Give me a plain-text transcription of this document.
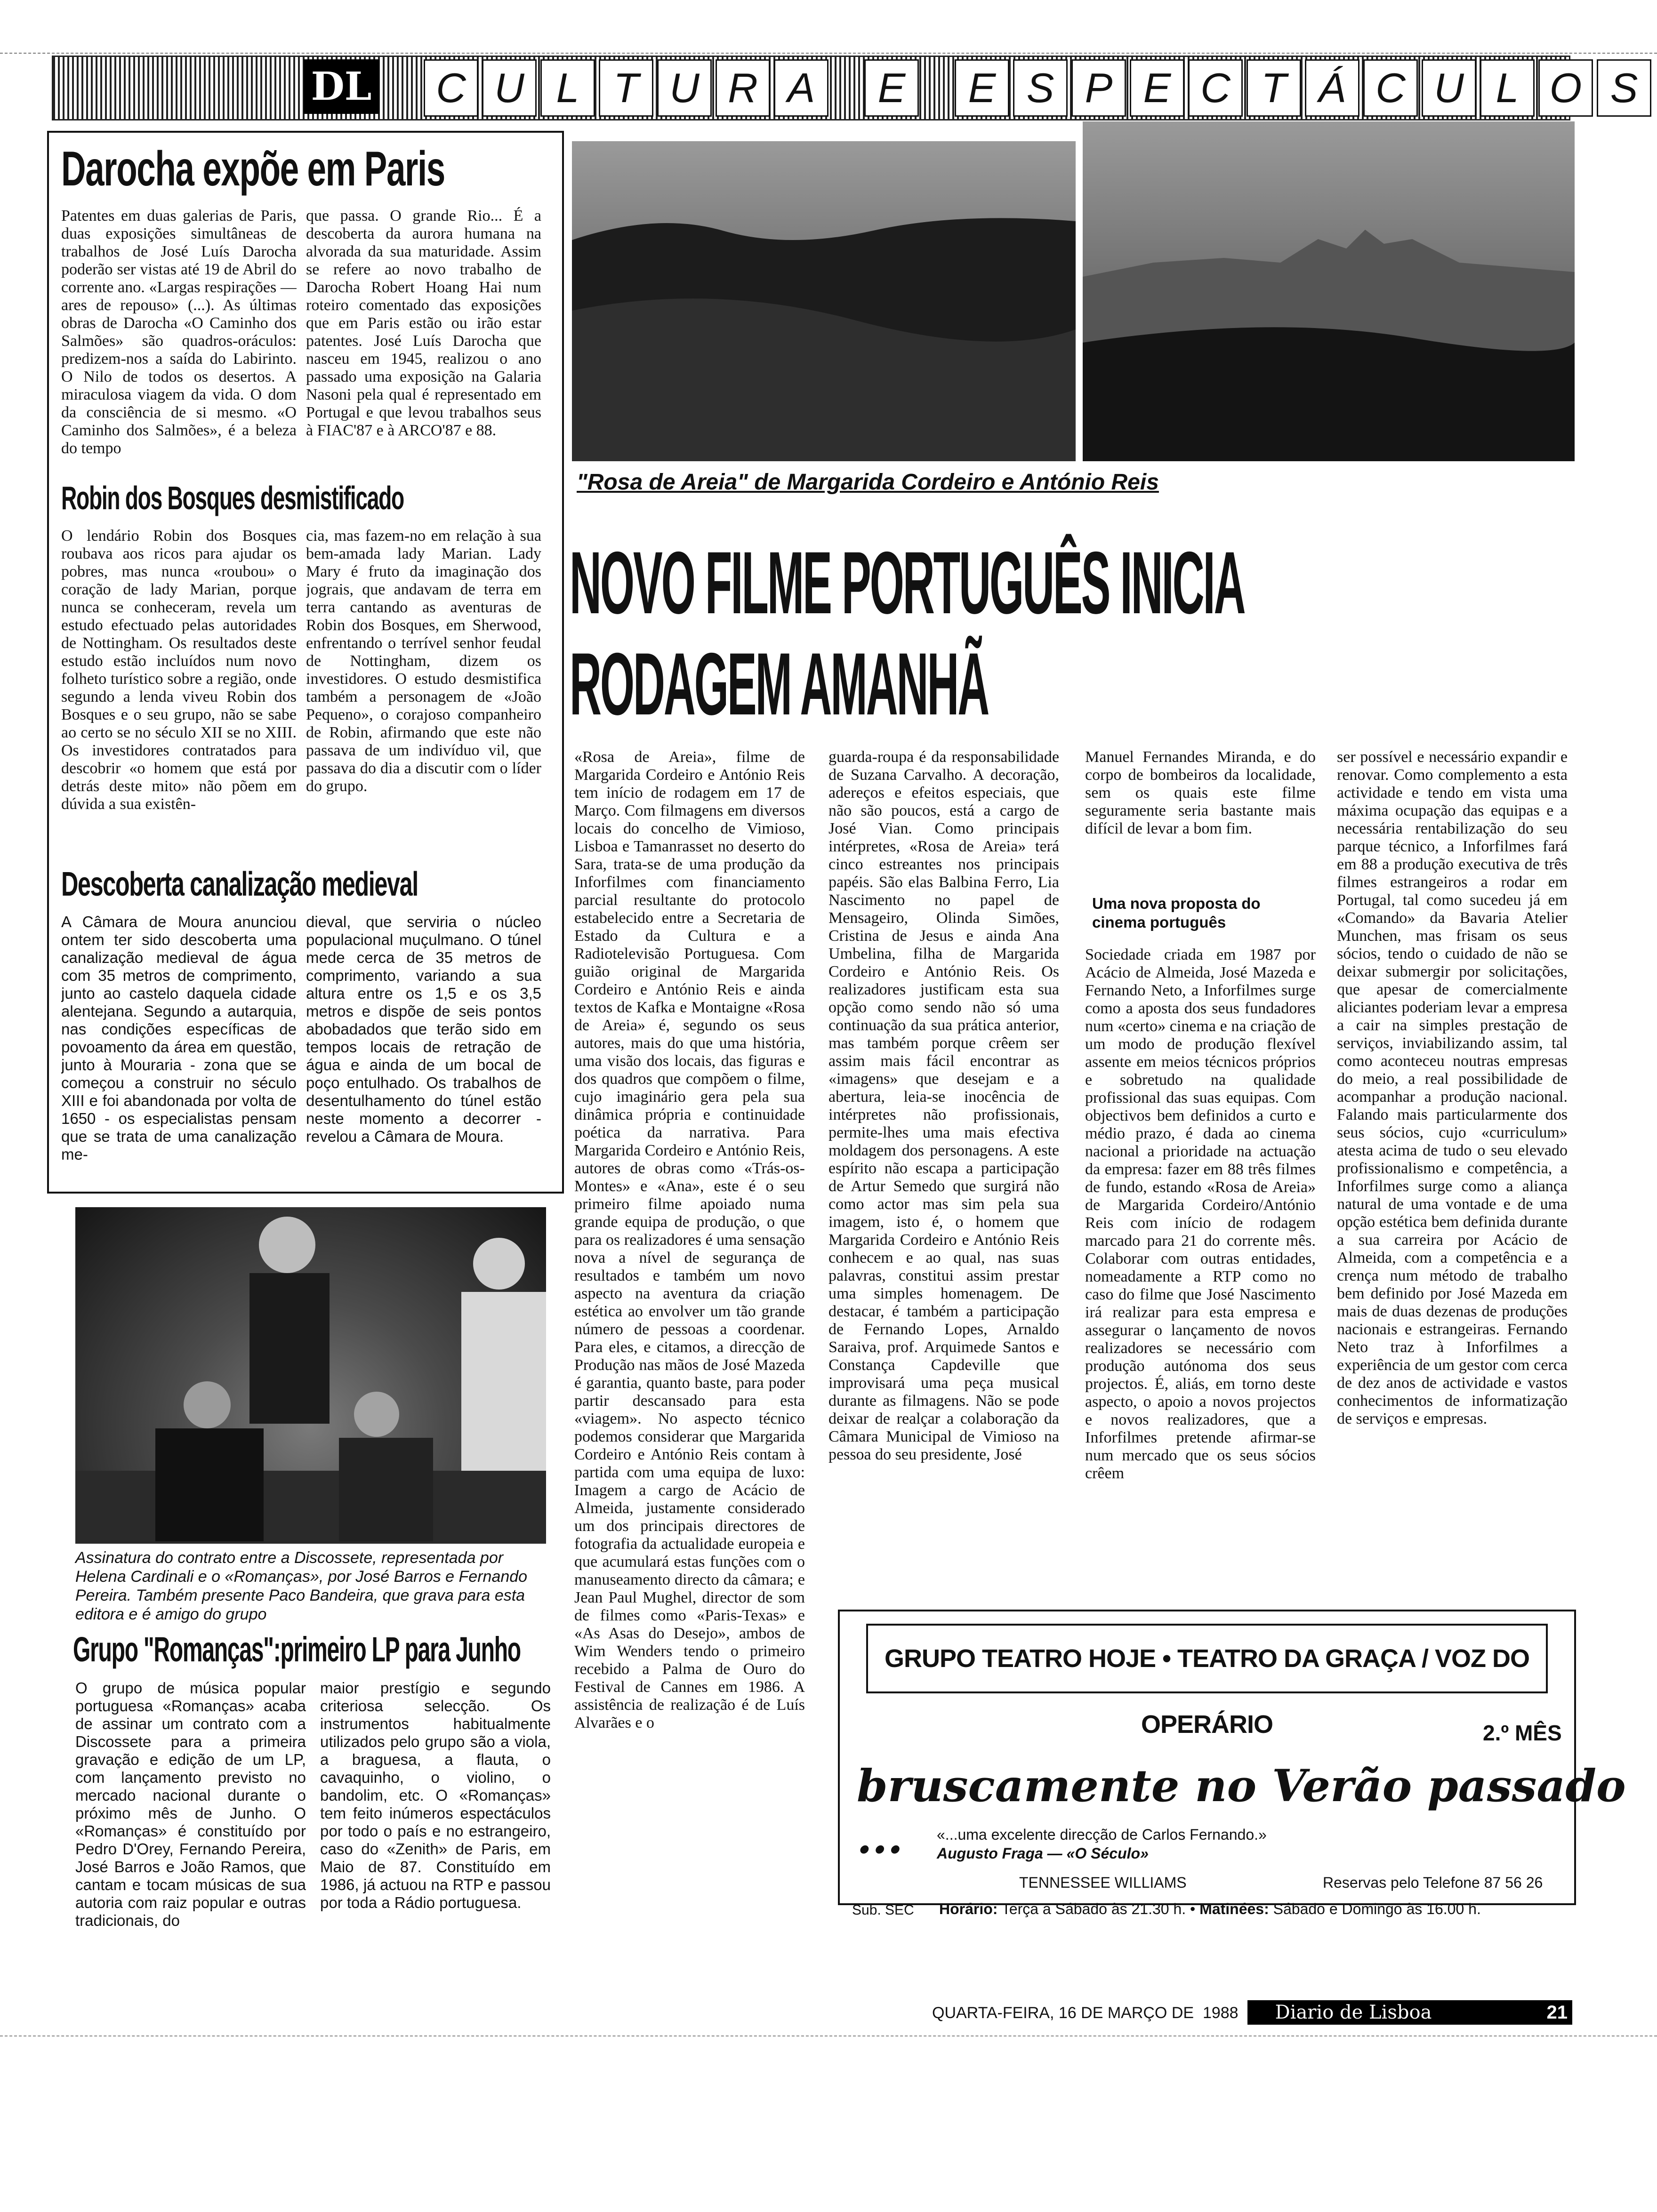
DL C U L T U R A	E	E S P E C T Á C U L O S
Darocha expõe em Paris
Patentes em duas galerias de Paris, duas exposições simultâneas de trabalhos de José Luís Darocha poderão ser vistas até 19 de Abril do corrente ano. «Largas respirações — ares de repouso» (...). As últimas obras de Darocha «O Caminho dos Salmões» são quadros-oráculos: predizem-nos a saída do Labirinto. O Nilo de todos os desertos. A miraculosa viagem da vida. O dom da consciência de si mesmo. «O Caminho dos Salmões», é a beleza do tempo
que passa. O grande Rio... É a descoberta da aurora humana na alvorada da sua maturidade. Assim se refere ao novo trabalho de Darocha Robert Hoang Hai num roteiro comentado das exposições que em Paris estão ou irão estar patentes. José Luís Darocha que nasceu em 1945, realizou o ano passado uma exposição na Galaria Nasoni pela qual é representado em Portugal e que levou trabalhos seus à FIAC'87 e à ARCO'87 e 88.
Robin dos Bosques desmistificado
O lendário Robin dos Bosques roubava aos ricos para ajudar os pobres, mas nunca «roubou» o coração de lady Marian, porque nunca se conheceram, revela um estudo efectuado pelas autoridades de Nottingham. Os resultados deste estudo estão incluídos num novo folheto turístico sobre a região, onde segundo a lenda viveu Robin dos Bosques e o seu grupo, não se sabe ao certo se no século XII se no XIII. Os investidores contratados para descobrir «o homem que está por detrás deste mito» não põem em dúvida a sua existên-
cia, mas fazem-no em relação à sua bem-amada lady Marian. Lady Mary é fruto da imaginação dos jograis, que andavam de terra em terra cantando as aventuras de Robin dos Bosques, em Sherwood, enfrentando o terrível senhor feudal de Nottingham, dizem os investidores. O estudo desmistifica também a personagem de «João Pequeno», o corajoso companheiro de Robin, afirmando que este não passava de um indivíduo vil, que passava do dia a discutir com o líder do grupo.
Descoberta canalização medieval
A Câmara de Moura anunciou ontem ter sido descoberta uma canalização medieval de água com 35 metros de comprimento, junto ao castelo daquela cidade alentejana. Segundo a autarquia, nas condições específicas de povoamento da área em questão, junto à Mouraria - zona que se começou a construir no século XIII e foi abandonada por volta de 1650 - os especialistas pensam que se trata de uma canalização me-
dieval, que serviria o núcleo populacional muçulmano. O túnel mede cerca de 35 metros de comprimento, variando a sua altura entre os 1,5 e os 3,5 metros e dispõe de seis pontos abobadados que terão sido em tempos locais de retração de água e ainda de um bocal de poço entulhado. Os trabalhos de desentulhamento do túnel estão neste momento a decorrer - revelou a Câmara de Moura.
Assinatura do contrato entre a Discossete, representada por Helena Cardinali e o «Romanças», por José Barros e Fernando Pereira. Também presente Paco Bandeira, que grava para esta editora e é amigo do grupo
Grupo "Romanças":primeiro LP para Junho
O grupo de música popular portuguesa «Romanças» acaba de assinar um contrato com a Discossete para a primeira gravação e edição de um LP, com lançamento previsto no mercado nacional durante o próximo mês de Junho. O «Romanças» é constituído por Pedro D'Orey, Fernando Pereira, José Barros e João Ramos, que cantam e tocam músicas de sua autoria com raiz popular e outras tradicionais, do
maior prestígio e segundo criteriosa selecção. Os instrumentos habitualmente utilizados pelo grupo são a viola, a braguesa, a flauta, o cavaquinho, o violino, o bandolim, etc. O «Romanças» tem feito inúmeros espectáculos por todo o país e no estrangeiro, caso do «Zenith» de Paris, em Maio de 87. Constituído em 1986, já actuou na RTP e passou por toda a Rádio portuguesa.
"Rosa de Areia" de Margarida Cordeiro e António Reis
NOVO FILME PORTUGUÊS INICIA
RODAGEM AMANHÃ
«Rosa de Areia», filme de Margarida Cordeiro e António Reis tem início de rodagem em 17 de Março. Com filmagens em diversos locais do concelho de Vimioso, Lisboa e Tamanrasset no deserto do Sara, trata-se de uma produção da Inforfilmes com financiamento parcial resultante do protocolo estabelecido entre a Secretaria de Estado da Cultura e a Radiotelevisão Portuguesa. Com guião original de Margarida Cordeiro e António Reis e ainda textos de Kafka e Montaigne «Rosa de Areia» é, segundo os seus autores, mais do que uma história, uma visão dos locais, das figuras e dos quadros que compõem o filme, cujo imaginário gera pela sua dinâmica própria e continuidade poética da narrativa. Para Margarida Cordeiro e António Reis, autores de obras como «Trás-os-Montes» e «Ana», este é o seu primeiro filme apoiado numa grande equipa de produção, o que para os realizadores é uma sensação nova a nível de segurança de resultados e também um novo aspecto na aventura da criação estética ao envolver um tão grande número de pessoas a coordenar. Para eles, e citamos, a direcção de Produção nas mãos de José Mazeda é garantia, quanto baste, para poder partir descansado para esta «viagem». No aspecto técnico podemos considerar que Margarida Cordeiro e António Reis contam à partida com uma equipa de luxo: Imagem a cargo de Acácio de Almeida, justamente considerado um dos principais directores de fotografia da actualidade europeia e que acumulará estas funções com o manuseamento directo da câmara; e Jean Paul Mughel, director de som de filmes como «Paris-Texas» e «As Asas do Desejo», ambos de Wim Wenders tendo o primeiro recebido a Palma de Ouro do Festival de Cannes em 1986. A assistência de realização é de Luís Alvarães e o
guarda-roupa é da responsabilidade de Suzana Carvalho. A decoração, adereços e efeitos especiais, que não são poucos, está a cargo de José Vian. Como principais intérpretes, «Rosa de Areia» terá cinco estreantes nos principais papéis. São elas Balbina Ferro, Lia Nascimento no papel de Mensageiro, Olinda Simões, Cristina de Jesus e ainda Ana Umbelina, filha de Margarida Cordeiro e António Reis. Os realizadores justificam esta sua opção como sendo não só uma continuação da sua prática anterior, mas também porque crêem ser assim mais fácil encontrar as «imagens» que desejam e a abertura, leia-se inocência de intérpretes não profissionais, permite-lhes uma mais efectiva moldagem dos personagens. A este espírito não escapa a participação de Artur Semedo que surgirá não como actor mas sim pela sua imagem, isto é, o homem que Margarida Cordeiro e António Reis conhecem e ao qual, nas suas palavras, constitui assim prestar uma simples homenagem. De destacar, é também a participação de Fernando Lopes, Arnaldo Saraiva, prof. Arquimede Santos e Constança Capdeville que improvisará uma peça musical durante as filmagens. Não se pode deixar de realçar a colaboração da Câmara Municipal de Vimioso na pessoa do seu presidente, José
Manuel Fernandes Miranda, e do corpo de bombeiros da localidade, sem os quais este filme seguramente seria bastante mais difícil de levar a bom fim.
Uma nova proposta do cinema português
Sociedade criada em 1987 por Acácio de Almeida, José Mazeda e Fernando Neto, a Inforfilmes surge como a aposta dos seus fundadores num «certo» cinema e na criação de um modo de produção flexível assente em meios técnicos próprios e sobretudo na qualidade profissional das suas equipas. Com objectivos bem definidos a curto e médio prazo, é dada ao cinema nacional a prioridade na actuação da empresa: fazer em 88 três filmes de fundo, estando «Rosa de Areia» de Margarida Cordeiro/António Reis com início de rodagem marcado para 21 do corrente mês. Colaborar com outras entidades, nomeadamente a RTP como no caso do filme que José Nascimento irá realizar para esta empresa e assegurar o lançamento de novos realizadores se necessário com produção autónoma dos seus projectos. É, aliás, em torno deste aspecto, o apoio a novos projectos e novos realizadores, que a Inforfilmes pretende afirmar-se num mercado que os seus sócios crêem
ser possível e necessário expandir e renovar. Como complemento a esta actividade e tendo em vista uma máxima ocupação das equipas e a necessária rentabilização do seu parque técnico, a Inforfilmes fará em 88 a produção executiva de três filmes estrangeiros a rodar em Portugal, tal como sucedeu já em «Comando» da Bavaria Atelier Munchen, mas frisam os seus sócios, tendo o cuidado de não se deixar submergir por solicitações, que apesar de comercialmente aliciantes poderiam levar a empresa a cair na simples prestação de serviços, inviabilizando assim, tal como aconteceu noutras empresas do meio, a real possibilidade de acompanhar a produção nacional. Falando mais particularmente dos seus sócios, cujo «curriculum» atesta acima de tudo o seu elevado profissionalismo e competência, a Inforfilmes surge como a aliança natural de uma vontade e de uma opção estética bem definida durante a sua carreira por Acácio de Almeida, com a competência e a crença num método de trabalho bem definido por José Mazeda em mais de duas dezenas de produções nacionais e estrangeiras. Fernando Neto traz à Inforfilmes a experiência de um gestor com cerca de dez anos de actividade e vastos conhecimentos de informatização de serviços e empresas.
GRUPO TEATRO HOJE • TEATRO DA GRAÇA / VOZ DO OPERÁRIO	2.º MÊS
bruscamente no Verão passado ...	«...uma excelente direcção de Carlos Fernando.»
Augusto Fraga — «O Século»
TENNESSEE WILLIAMS	Reservas pelo Telefone 87 56 26
Sub. SEC Horário: Terça a Sábado às 21.30 h. • Matinées: Sábado e Domingo às 16.00 h.
QUARTA-FEIRA, 16 DE MARÇO DE  1988	Diario de Lisboa	21
